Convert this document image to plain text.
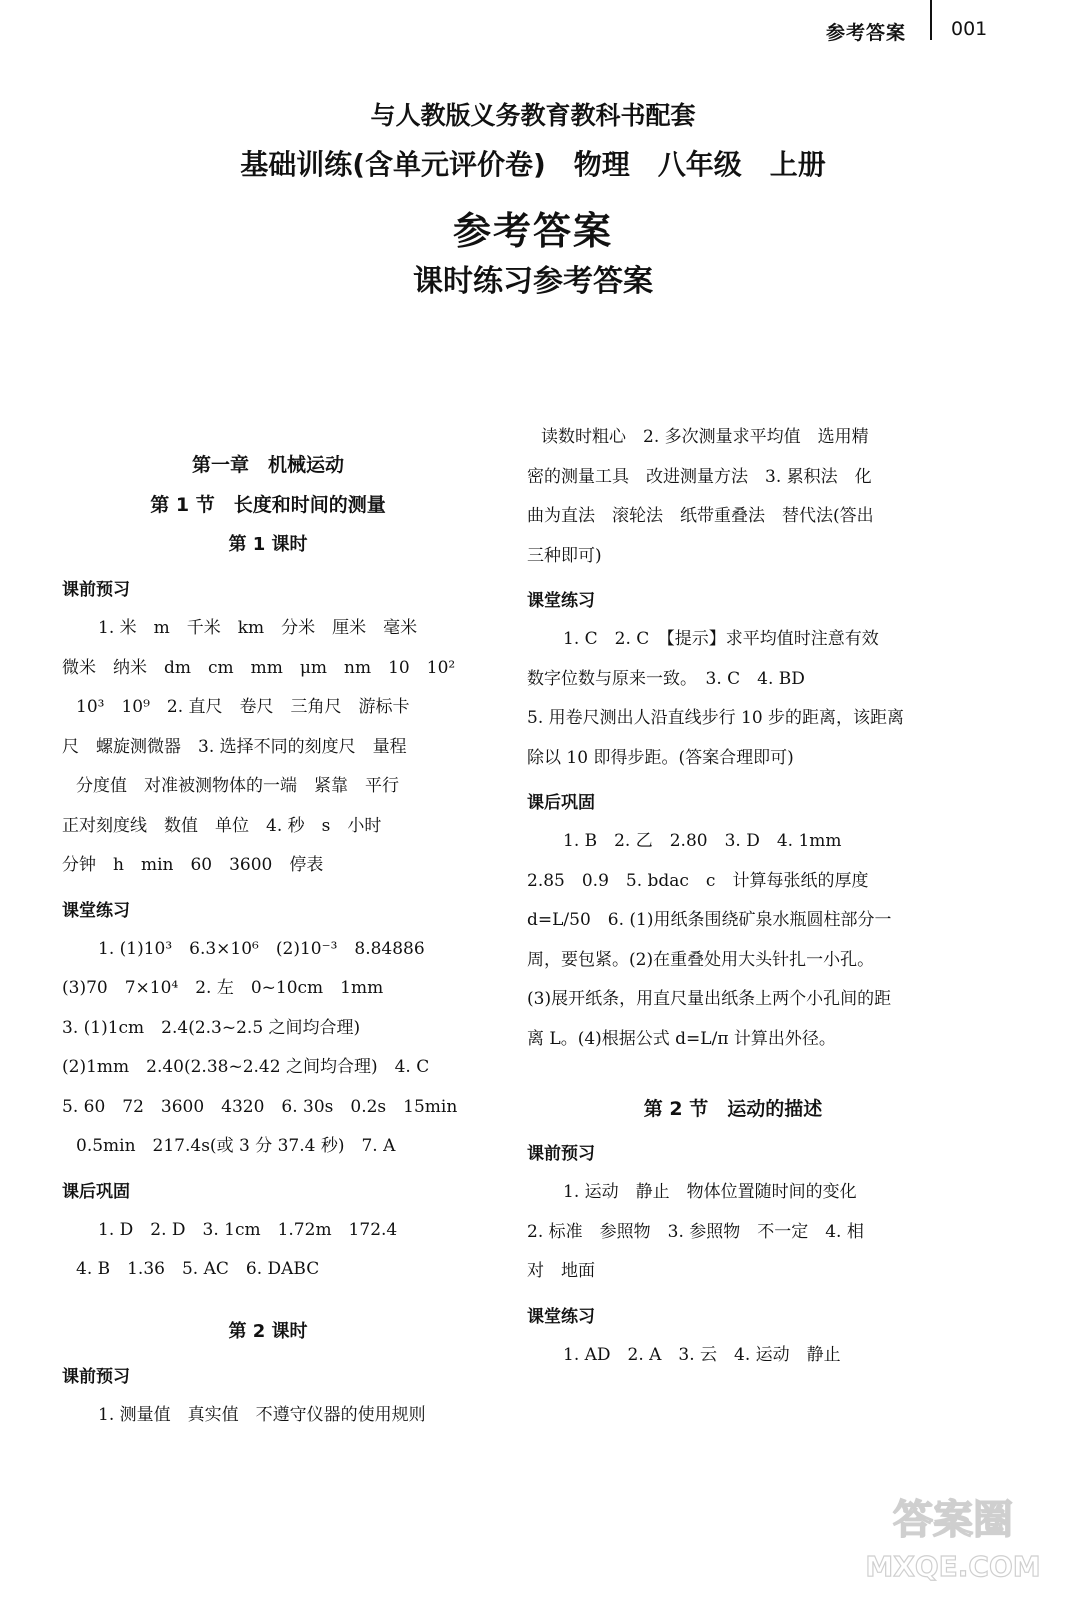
参考答案 001
与人教版义务教育教科书配套
基础训练(含单元评价卷)　物理　八年级　上册
参考答案
课时练习参考答案
第一章　机械运动
第 1 节　长度和时间的测量
第 1 课时
课前预习
1. 米　m　千米　km　分米　厘米　毫米
微米　纳米　dm　cm　mm　μm　nm　10　10²
10³　10⁹　2. 直尺　卷尺　三角尺　游标卡
尺　螺旋测微器　3. 选择不同的刻度尺　量程
分度值　对准被测物体的一端　紧靠　平行
正对刻度线　数值　单位　4. 秒　s　小时
分钟　h　min　60　3600　停表
课堂练习
1. (1)10³　6.3×10⁶　(2)10⁻³　8.84886
(3)70　7×10⁴　2. 左　0~10cm　1mm
3. (1)1cm　2.4(2.3~2.5 之间均合理)
(2)1mm　2.40(2.38~2.42 之间均合理)　4. C
5. 60　72　3600　4320　6. 30s　0.2s　15min
0.5min　217.4s(或 3 分 37.4 秒)　7. A
课后巩固
1. D　2. D　3. 1cm　1.72m　172.4
4. B　1.36　5. AC　6. DABC
第 2 课时
课前预习
1. 测量值　真实值　不遵守仪器的使用规则
读数时粗心　2. 多次测量求平均值　选用精
密的测量工具　改进测量方法　3. 累积法　化
曲为直法　滚轮法　纸带重叠法　替代法(答出
三种即可)
课堂练习
1. C　2. C　【提示】求平均值时注意有效
数字位数与原来一致。　3. C　4. BD
5. 用卷尺测出人沿直线步行 10 步的距离，该距离
除以 10 即得步距。(答案合理即可)
课后巩固
1. B　2. 乙　2.80　3. D　4. 1mm
2.85　0.9　5. bdac　c　计算每张纸的厚度
d=L/50　6. (1)用纸条围绕矿泉水瓶圆柱部分一
周，要包紧。(2)在重叠处用大头针扎一小孔。
(3)展开纸条，用直尺量出纸条上两个小孔间的距
离 L。(4)根据公式 d=L/π 计算出外径。
第 2 节　运动的描述
课前预习
1. 运动　静止　物体位置随时间的变化
2. 标准　参照物　3. 参照物　不一定　4. 相
对　地面
课堂练习
1. AD　2. A　3. 云　4. 运动　静止
答案圈
MXQE.COM
